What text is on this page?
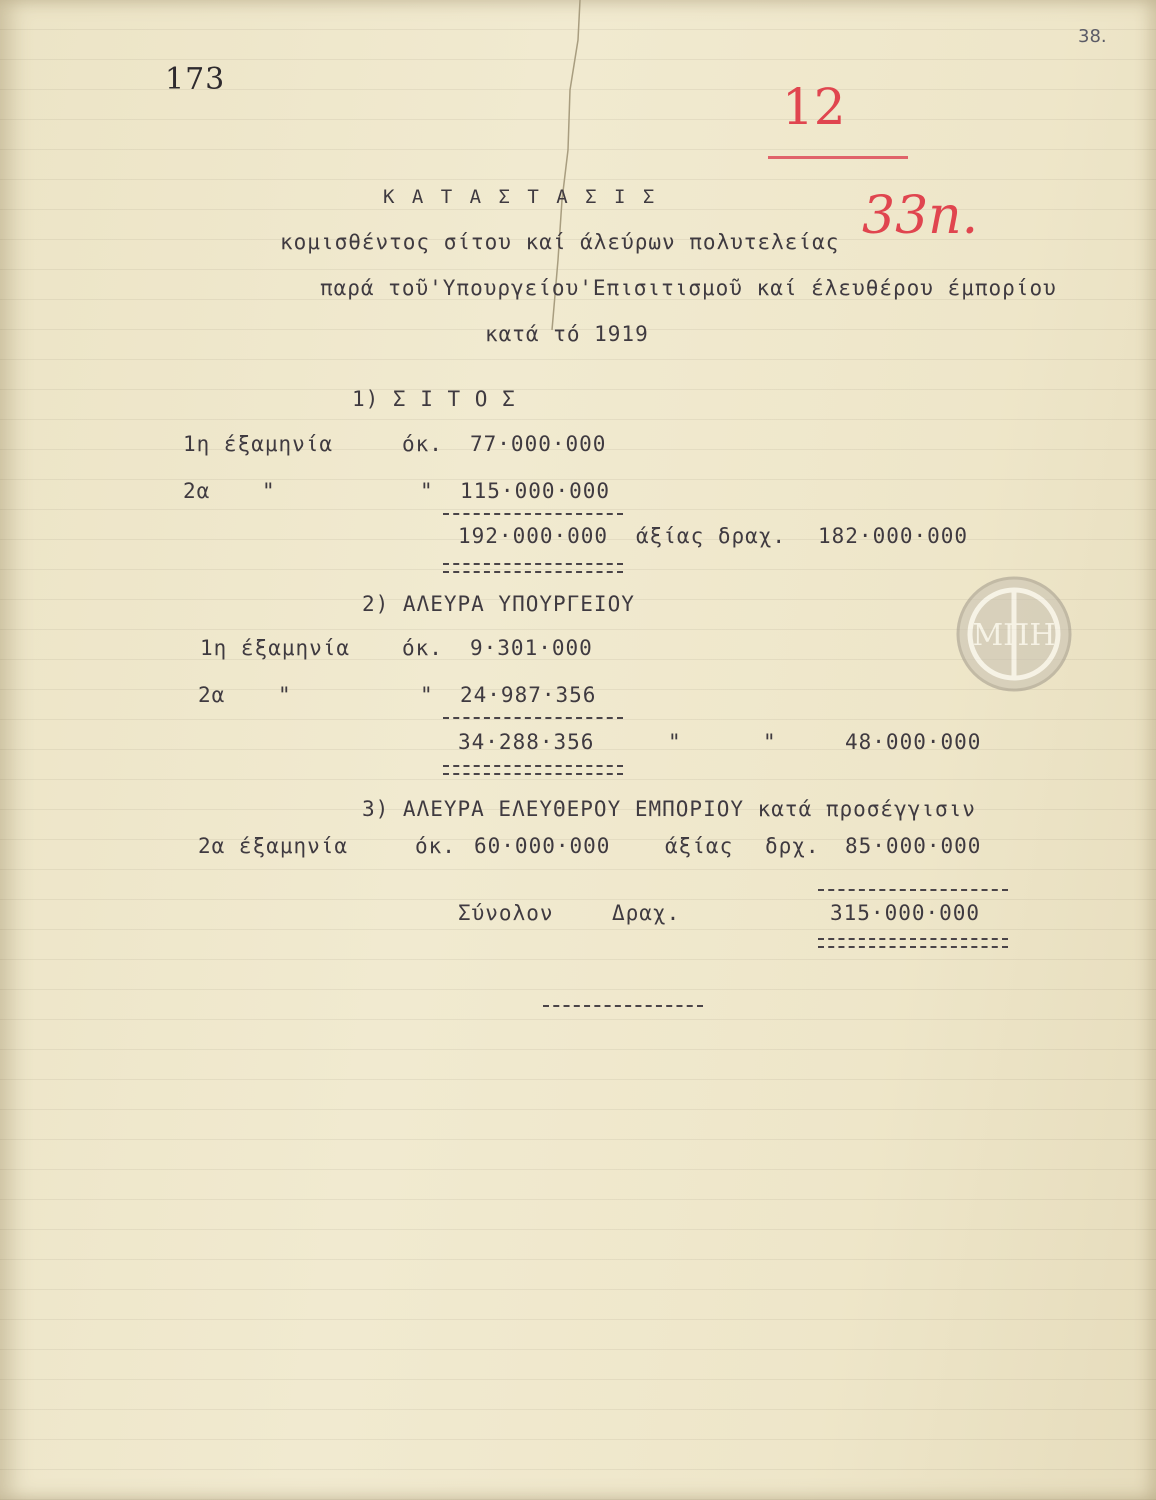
173
38.
12
33n.
Κ Α Τ Α Σ Τ Α Σ Ι Σ
κομισθέντος σίτου καί άλεύρων πολυτελείας
παρά τοῦ'Υπουργείου'Επισιτισμοῦ καί έλευθέρου έμπορίου
κατά τό 1919
1) Σ Ι Τ Ο Σ
1η έξαμηνία	όκ. 77·000·000
2α "	" 115·000·000
192·000·000 άξίας δραχ. 182·000·000
2) ΑΛΕΥΡΑ ΥΠΟΥΡΓΕΙΟΥ
1η έξαμηνία όκ. 9·301·000
2α	"	" 24·987·356
34·288·356	"	"	48·000·000
3) ΑΛΕΥΡΑ ΕΛΕΥΘΕΡΟΥ ΕΜΠΟΡΙΟΥ κατά προσέγγισιν
2α έξαμηνία	όκ. 60·000·000	άξίας δρχ. 85·000·000
Σύνολον	Δραχ.	315·000·000
ΜΠΗ
